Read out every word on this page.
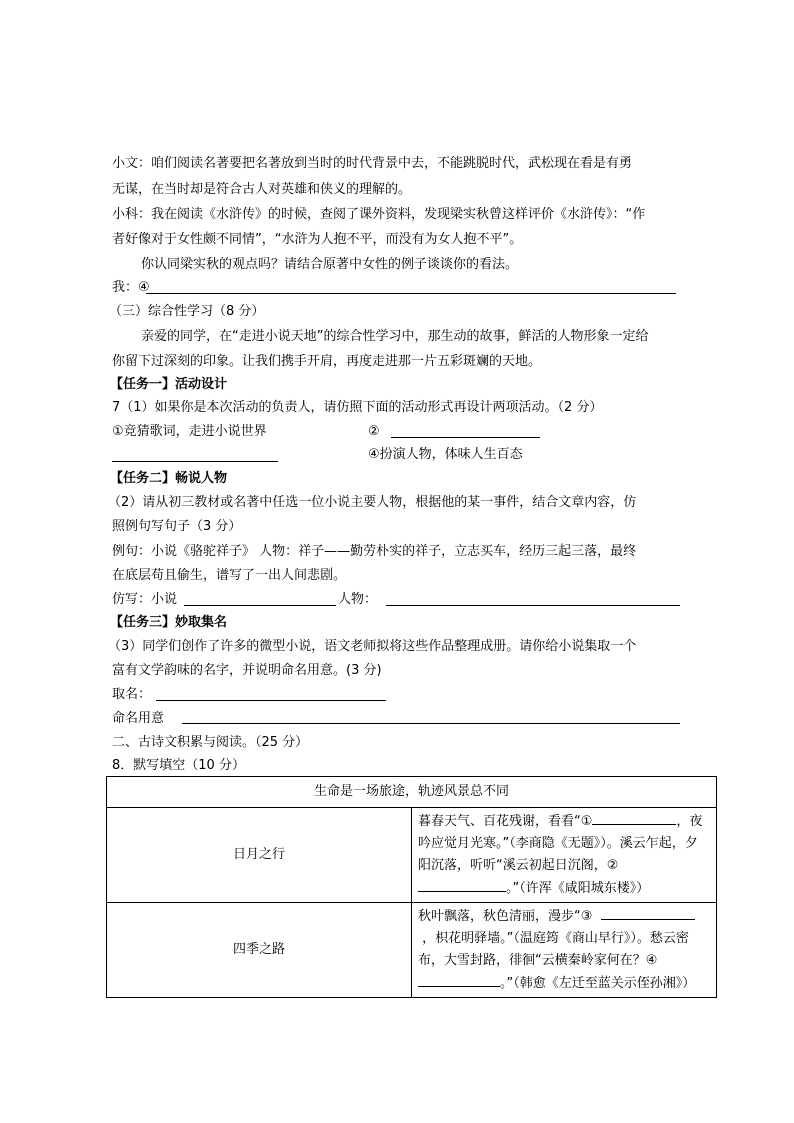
小文：咱们阅读名著要把名著放到当时的时代背景中去，不能跳脱时代，武松现在看是有勇
无谋，在当时却是符合古人对英雄和侠义的理解的。
小科：我在阅读《水浒传》的时候，查阅了课外资料，发现梁实秋曾这样评价《水浒传》：“作
者好像对于女性颇不同情”，“水浒为人抱不平，而没有为女人抱不平”。
你认同梁实秋的观点吗？请结合原著中女性的例子谈谈你的看法。
我：④
（三）综合性学习（8 分）
亲爱的同学，在“走进小说天地”的综合性学习中，那生动的故事，鲜活的人物形象一定给
你留下过深刻的印象。让我们携手开肩，再度走进那一片五彩斑斓的天地。
【任务一】活动设计
7（1）如果你是本次活动的负责人，请仿照下面的活动形式再设计两项活动。（2 分）
①竞猜歌词，走进小说世界	②
④扮演人物，体味人生百态
【任务二】畅说人物
（2）请从初三教材或名著中任选一位小说主要人物，根据他的某一事件，结合文章内容，仿
照例句写句子（3 分）
例句：小说《骆驼祥子》 人物：祥子——勤劳朴实的祥子，立志买车，经历三起三落，最终
在底层苟且偷生，谱写了一出人间悲剧。
仿写：小说	人物：
【任务三】妙取集名
（3）同学们创作了许多的微型小说，语文老师拟将这些作品整理成册。请你给小说集取一个
富有文学韵味的名字，并说明命名用意。(3 分)
取名：
命名用意
二、古诗文积累与阅读。（25 分）
8．默写填空（10 分）
生命是一场旅途，轨迹风景总不同	
日月之行	暮春天气、百花残谢，看看“① ，夜吟应觉月光寒。”（李商隐《无题》）。溪云乍起，夕阳沉落，听听“溪云初起日沉阁，② 。”（许浑《咸阳城东楼》）
四季之路	秋叶飘落，秋色清丽，漫步“③   ，枳花明驿墙。”（温庭筠《商山早行》）。愁云密布，大雪封路，徘徊“云横秦岭家何在？④ 。”（韩愈《左迁至蓝关示侄孙湘》）
